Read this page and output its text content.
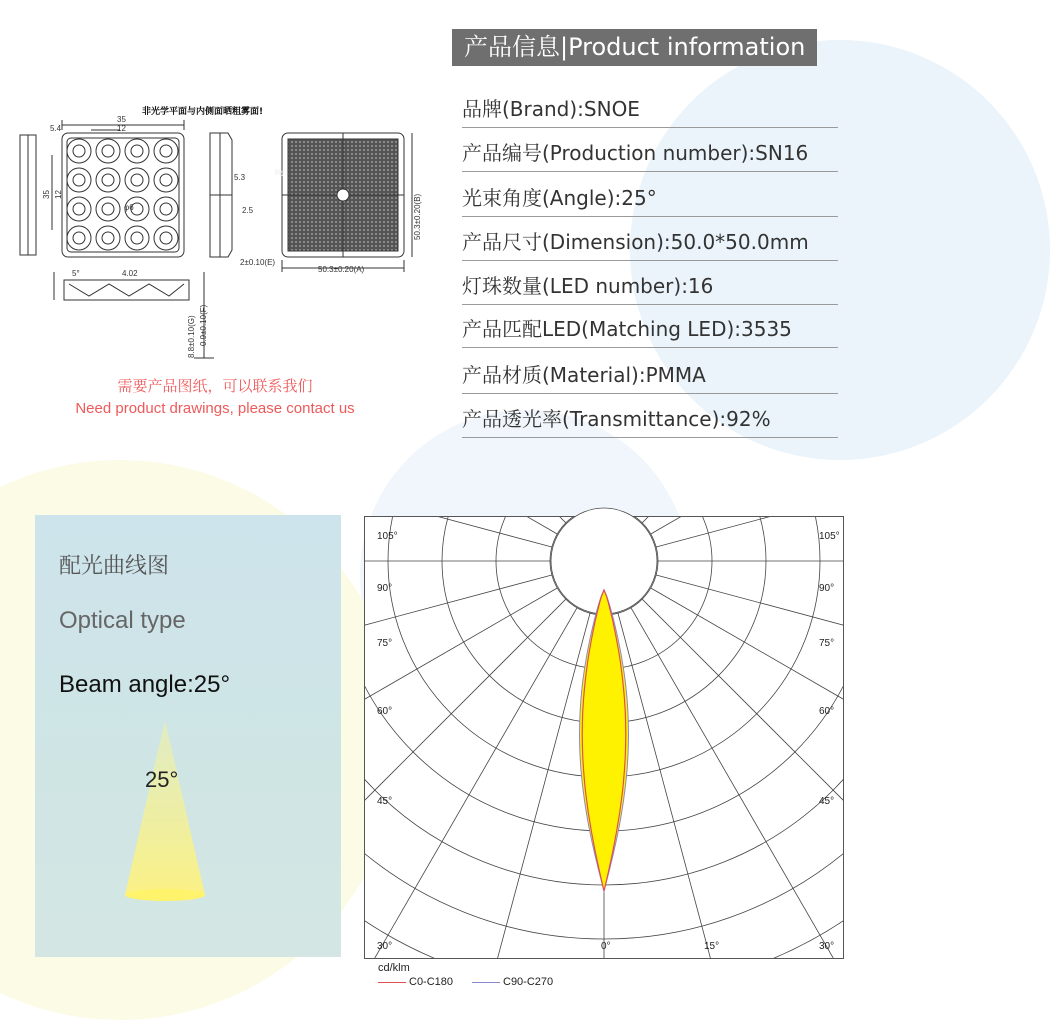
非光学平面与内侧面晒粗雾面!
5.4
35
12
35 12
φ6
5.3
2.5
2±0.10(E)
5°	4.02
8.8±0.10(G) 0.9±0.10(F)
50.3±0.20(A)
50.3±0.20(B)
φ6
需要产品图纸，可以联系我们
Need product drawings, please contact us
产品信息|Product information
品牌(Brand):SNOE
产品编号(Production number):SN16
光束角度(Angle):25°
产品尺寸(Dimension):50.0*50.0mm
灯珠数量(LED number):16
产品匹配LED(Matching LED):3535
产品材质(Material):PMMA
产品透光率(Transmittance):92%
配光曲线图
Optical type
Beam angle:25°
25°
105°
90°
75°
60°
45°
30°
105°
90°
75°
60°
45°
30°
0°	15°
cd/klm
C0-C180	C90-C270
